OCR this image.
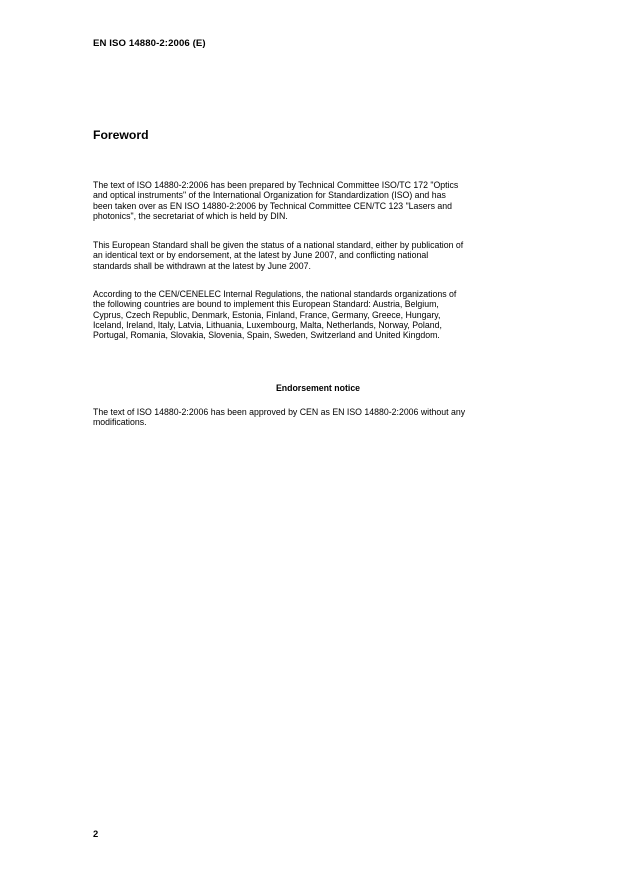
EN ISO 14880-2:2006 (E)
Foreword
The text of ISO 14880-2:2006 has been prepared by Technical Committee ISO/TC 172 "Optics
and optical instruments" of the International Organization for Standardization (ISO) and has
been taken over as EN ISO 14880-2:2006 by Technical Committee CEN/TC 123 "Lasers and
photonics", the secretariat of which is held by DIN.
This European Standard shall be given the status of a national standard, either by publication of
an identical text or by endorsement, at the latest by June 2007, and conflicting national
standards shall be withdrawn at the latest by June 2007.
According to the CEN/CENELEC Internal Regulations, the national standards organizations of
the following countries are bound to implement this European Standard: Austria, Belgium,
Cyprus, Czech Republic, Denmark, Estonia, Finland, France, Germany, Greece, Hungary,
Iceland, Ireland, Italy, Latvia, Lithuania, Luxembourg, Malta, Netherlands, Norway, Poland,
Portugal, Romania, Slovakia, Slovenia, Spain, Sweden, Switzerland and United Kingdom.
Endorsement notice
The text of ISO 14880-2:2006 has been approved by CEN as EN ISO 14880-2:2006 without any
modifications.
2
